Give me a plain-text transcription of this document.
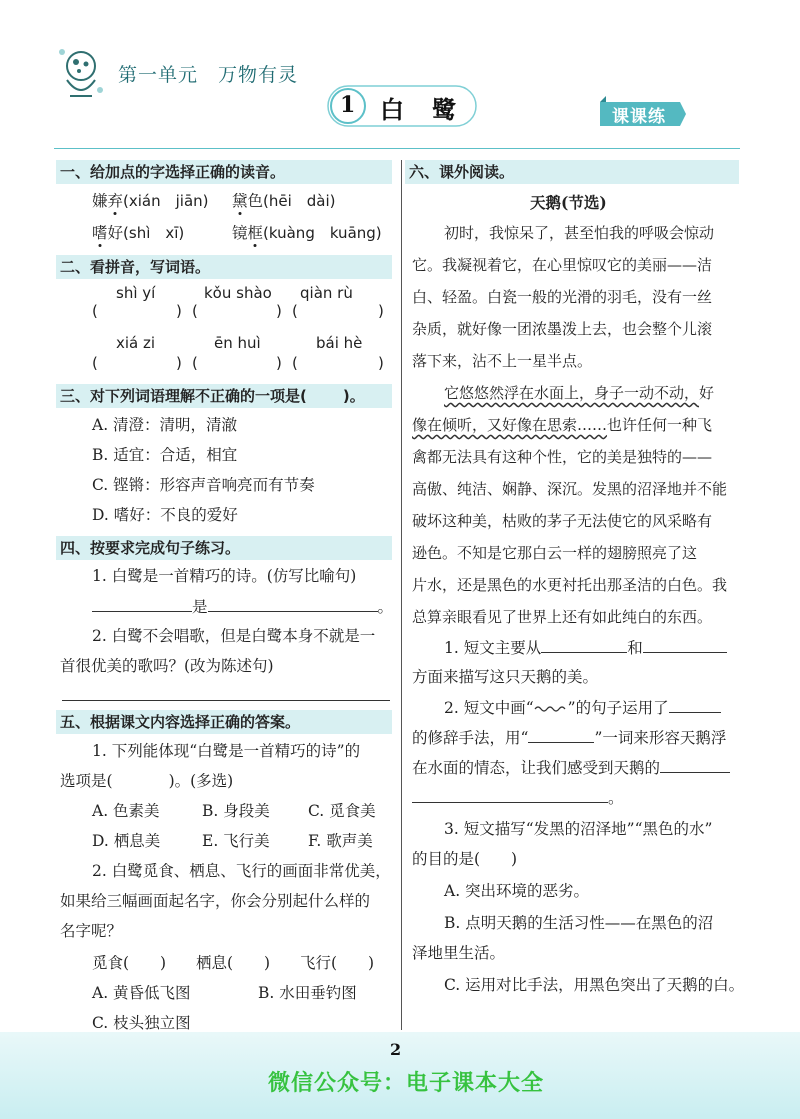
第一单元　万物有灵
1 白　鹭	课课练
一、给加点的字选择正确的读音。
嫌弃(xián　jiān) 黛色(hēi　dài)
嗜好(shì　xī)	镜框(kuàng　kuāng)
二、看拼音，写词语。
shì yí	kǒu shào qiàn rù
(	) (	) (	)
xiá zi	ēn huì	bái hè
(	) (	) (	)
三、对下列词语理解不正确的一项是( )。
A. 清澄：清明，清澈
B. 适宜：合适，相宜
C. 铿锵：形容声音响亮而有节奏
D. 嗜好：不良的爱好
四、按要求完成句子练习。
1. 白鹭是一首精巧的诗。(仿写比喻句)
是	。
2. 白鹭不会唱歌，但是白鹭本身不就是一
首很优美的歌吗？(改为陈述句)
五、根据课文内容选择正确的答案。
1. 下列能体现“白鹭是一首精巧的诗”的
选项是(	)。(多选)
A. 色素美	B. 身段美 C. 觅食美
D. 栖息美	E. 飞行美 F. 歌声美
2. 白鹭觅食、栖息、飞行的画面非常优美，
如果给三幅画面起名字，你会分别起什么样的
名字呢？
觅食(　　) 栖息(　　) 飞行(　　)
A. 黄昏低飞图	B. 水田垂钓图
C. 枝头独立图
六、课外阅读。
天鹅(节选)
初时，我惊呆了，甚至怕我的呼吸会惊动
它。我凝视着它，在心里惊叹它的美丽——洁
白、轻盈。白瓷一般的光滑的羽毛，没有一丝
杂质，就好像一团浓墨泼上去，也会整个儿滚
落下来，沾不上一星半点。
它悠悠然浮在水面上，身子一动不动，好
像在倾听，又好像在思索……也许任何一种飞
禽都无法具有这种个性，它的美是独特的——
高傲、纯洁、娴静、深沉。发黑的沼泽地并不能
破坏这种美，枯败的茅子无法使它的风采略有
逊色。不知是它那白云一样的翅膀照亮了这
片水，还是黑色的水更衬托出那圣洁的白色。我
总算亲眼看见了世界上还有如此纯白的东西。
1. 短文主要从	和
方面来描写这只天鹅的美。
2. 短文中画“ ”的句子运用了
的修辞手法，用“	”一词来形容天鹅浮
在水面的情态，让我们感受到天鹅的
。
3. 短文描写“发黑的沼泽地”“黑色的水”
的目的是(　　)
A. 突出环境的恶劣。
B. 点明天鹅的生活习性——在黑色的沼
泽地里生活。
C. 运用对比手法，用黑色突出了天鹅的白。
2
微信公众号：电子课本大全
